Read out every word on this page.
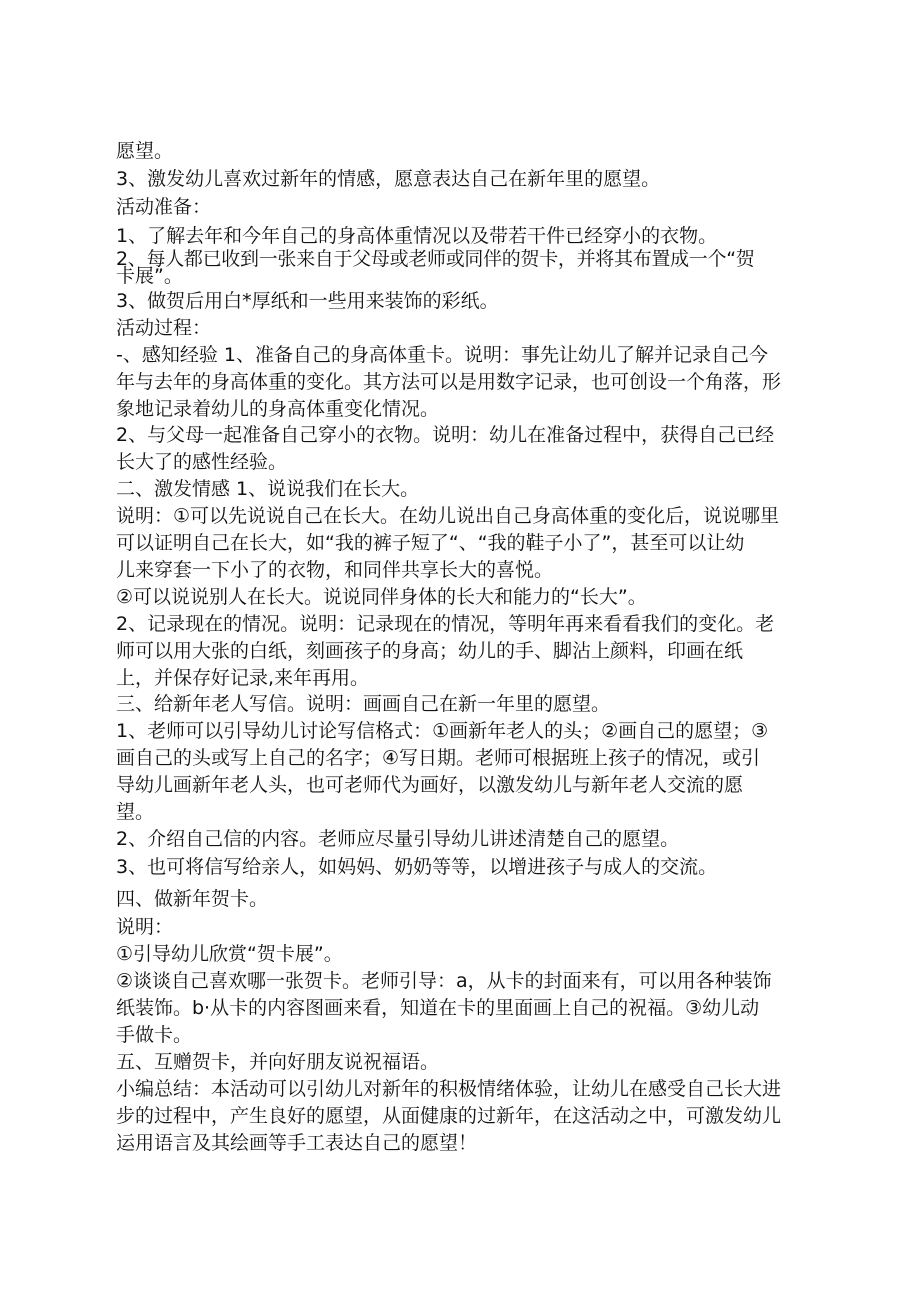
愿望。
3、激发幼儿喜欢过新年的情感，愿意表达自己在新年里的愿望。
活动准备：
1、了解去年和今年自己的身高体重情况以及带若干件已经穿小的衣物。
2、每人都已收到一张来自于父母或老师或同伴的贺卡，并将其布置成一个“贺
卡展”。
3、做贺后用白*厚纸和一些用来装饰的彩纸。
活动过程：
-、感知经验 1、准备自己的身高体重卡。说明：事先让幼儿了解并记录自己今
年与去年的身高体重的变化。其方法可以是用数字记录，也可创设一个角落，形
象地记录着幼儿的身高体重变化情况。
2、与父母一起准备自己穿小的衣物。说明：幼儿在准备过程中，获得自己已经
长大了的感性经验。
二、激发情感 1、说说我们在长大。
说明：①可以先说说自己在长大。在幼儿说出自己身高体重的变化后，说说哪里
可以证明自己在长大，如“我的裤子短了“、“我的鞋子小了”，甚至可以让幼
儿来穿套一下小了的衣物，和同伴共享长大的喜悦。
②可以说说别人在长大。说说同伴身体的长大和能力的“长大”。
2、记录现在的情况。说明：记录现在的情况，等明年再来看看我们的变化。老
师可以用大张的白纸，刻画孩子的身高；幼儿的手、脚沾上颜料，印画在纸
上，并保存好记录,来年再用。
三、给新年老人写信。说明：画画自己在新一年里的愿望。
1、老师可以引导幼儿讨论写信格式：①画新年老人的头；②画自己的愿望；③
画自己的头或写上自己的名字；④写日期。老师可根据班上孩子的情况，或引
导幼儿画新年老人头，也可老师代为画好，以激发幼儿与新年老人交流的愿
望。
2、介绍自己信的内容。老师应尽量引导幼儿讲述清楚自己的愿望。
3、也可将信写给亲人，如妈妈、奶奶等等，以增进孩子与成人的交流。
四、做新年贺卡。
说明：
①引导幼儿欣赏“贺卡展”。
②谈谈自己喜欢哪一张贺卡。老师引导：a，从卡的封面来有，可以用各种装饰
纸装饰。b·从卡的内容图画来看，知道在卡的里面画上自己的祝福。③幼儿动
手做卡。
五、互赠贺卡，并向好朋友说祝福语。
小编总结：本活动可以引幼儿对新年的积极情绪体验，让幼儿在感受自己长大进
步的过程中，产生良好的愿望，从面健康的过新年，在这活动之中，可激发幼儿
运用语言及其绘画等手工表达自己的愿望！
